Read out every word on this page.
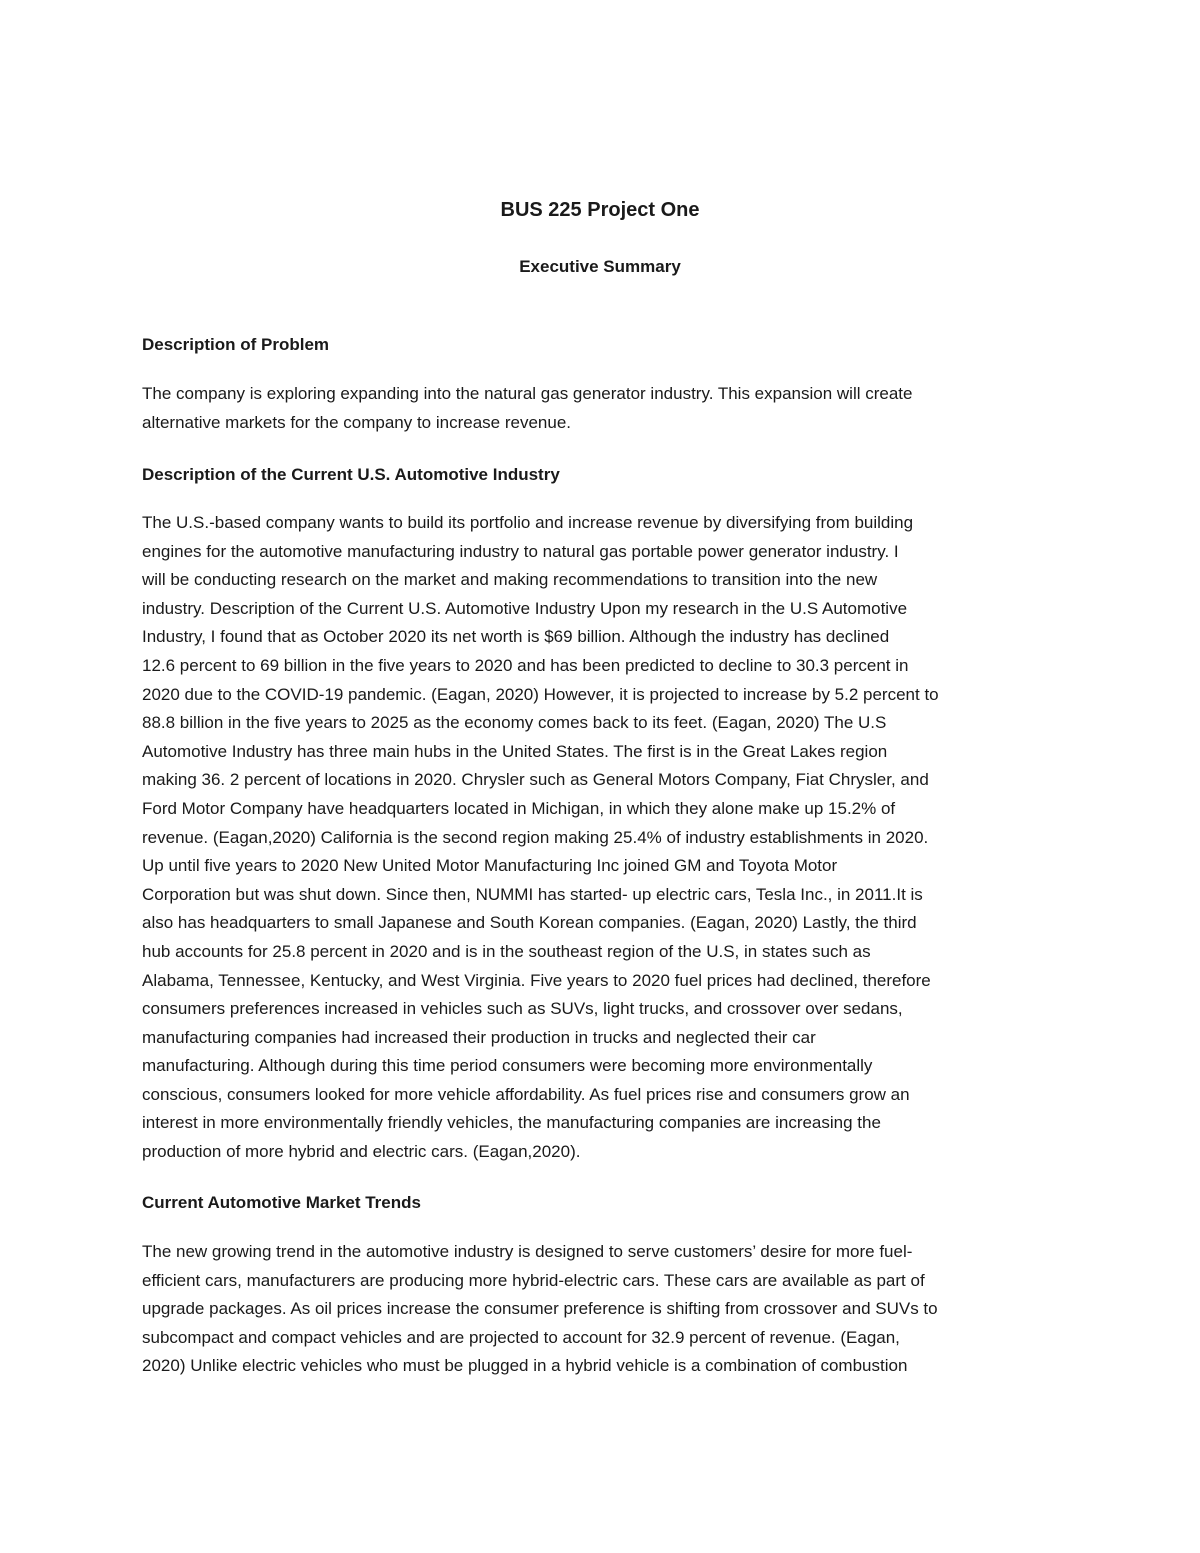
BUS 225 Project One
Executive Summary
Description of Problem

The company is exploring expanding into the natural gas generator industry. This expansion will create
alternative markets for the company to increase revenue.

Description of the Current U.S. Automotive Industry

The U.S.-based company wants to build its portfolio and increase revenue by diversifying from building
engines for the automotive manufacturing industry to natural gas portable power generator industry. I
will be conducting research on the market and making recommendations to transition into the new
industry. Description of the Current U.S. Automotive Industry Upon my research in the U.S Automotive
Industry, I found that as October 2020 its net worth is $69 billion. Although the industry has declined
12.6 percent to 69 billion in the five years to 2020 and has been predicted to decline to 30.3 percent in
2020 due to the COVID-19 pandemic. (Eagan, 2020) However, it is projected to increase by 5.2 percent to
88.8 billion in the five years to 2025 as the economy comes back to its feet. (Eagan, 2020) The U.S
Automotive Industry has three main hubs in the United States. The first is in the Great Lakes region
making 36. 2 percent of locations in 2020. Chrysler such as General Motors Company, Fiat Chrysler, and
Ford Motor Company have headquarters located in Michigan, in which they alone make up 15.2% of
revenue. (Eagan,2020) California is the second region making 25.4% of industry establishments in 2020.
Up until five years to 2020 New United Motor Manufacturing Inc joined GM and Toyota Motor
Corporation but was shut down. Since then, NUMMI has started- up electric cars, Tesla Inc., in 2011.It is
also has headquarters to small Japanese and South Korean companies. (Eagan, 2020) Lastly, the third
hub accounts for 25.8 percent in 2020 and is in the southeast region of the U.S, in states such as
Alabama, Tennessee, Kentucky, and West Virginia. Five years to 2020 fuel prices had declined, therefore
consumers preferences increased in vehicles such as SUVs, light trucks, and crossover over sedans,
manufacturing companies had increased their production in trucks and neglected their car
manufacturing. Although during this time period consumers were becoming more environmentally
conscious, consumers looked for more vehicle affordability. As fuel prices rise and consumers grow an
interest in more environmentally friendly vehicles, the manufacturing companies are increasing the
production of more hybrid and electric cars. (Eagan,2020).

Current Automotive Market Trends

The new growing trend in the automotive industry is designed to serve customers’ desire for more fuel-
efficient cars, manufacturers are producing more hybrid-electric cars. These cars are available as part of
upgrade packages. As oil prices increase the consumer preference is shifting from crossover and SUVs to
subcompact and compact vehicles and are projected to account for 32.9 percent of revenue. (Eagan,
2020) Unlike electric vehicles who must be plugged in a hybrid vehicle is a combination of combustion
